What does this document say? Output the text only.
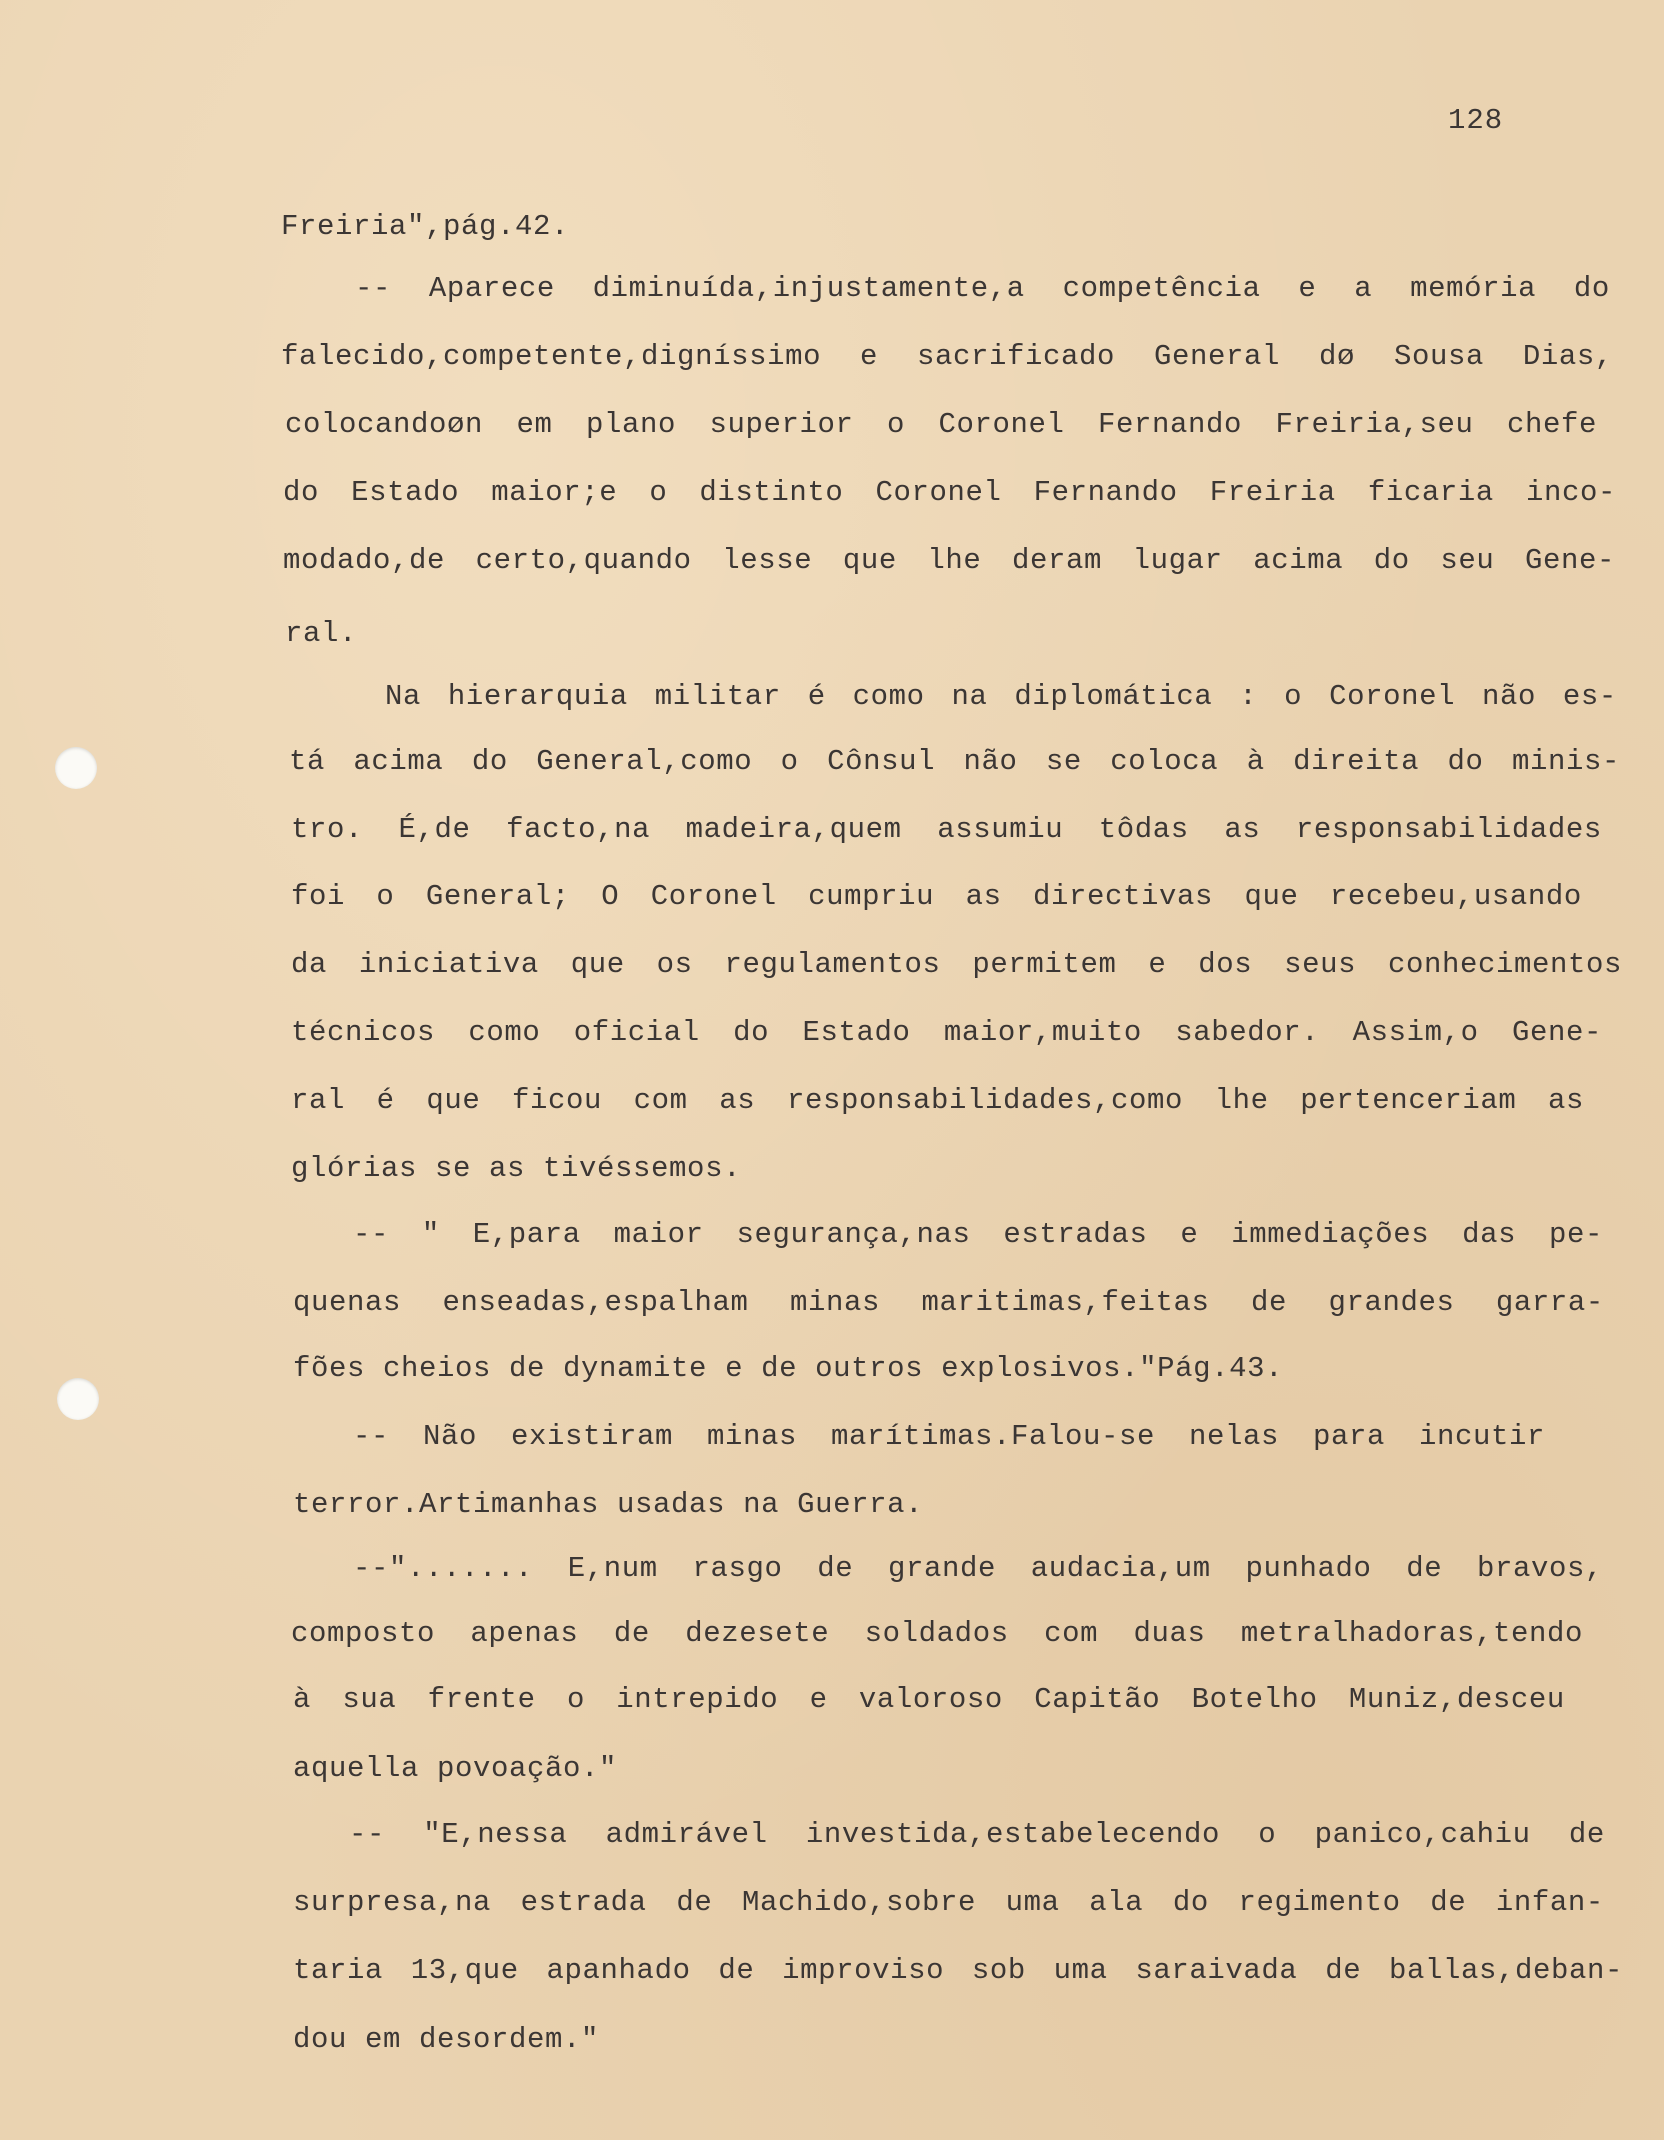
128
Freiria",pág.42.
-- Aparece diminuída,injustamente,a competência e a memória do
falecido,competente,digníssimo e sacrificado General dø Sousa Dias,
colocandoøn em plano superior o Coronel Fernando Freiria,seu chefe
do Estado maior;e o distinto Coronel Fernando Freiria ficaria inco-
modado,de certo,quando lesse que lhe deram lugar acima do seu Gene-
ral.
Na hierarquia militar é como na diplomática : o Coronel não es-
tá acima do General,como o Cônsul não se coloca à direita do minis-
tro. É,de facto,na madeira,quem assumiu tôdas as responsabilidades
foi o General; O Coronel cumpriu as directivas que recebeu,usando
da iniciativa que os regulamentos permitem e dos seus conhecimentos
técnicos como oficial do Estado maior,muito sabedor. Assim,o Gene-
ral é que ficou com as responsabilidades,como lhe pertenceriam as
glórias se as tivéssemos.
-- " E,para maior segurança,nas estradas e immediações das pe-
quenas enseadas,espalham minas maritimas,feitas de grandes garra-
fões cheios de dynamite e de outros explosivos."Pág.43.
-- Não existiram minas marítimas.Falou-se nelas para incutir
terror.Artimanhas usadas na Guerra.
--"....... E,num rasgo de grande audacia,um punhado de bravos,
composto apenas de dezesete soldados com duas metralhadoras,tendo
à sua frente o intrepido e valoroso Capitão Botelho Muniz,desceu
aquella povoação."
-- "E,nessa admirável investida,estabelecendo o panico,cahiu de
surpresa,na estrada de Machido,sobre uma ala do regimento de infan-
taria 13,que apanhado de improviso sob uma saraivada de ballas,deban-
dou em desordem."
